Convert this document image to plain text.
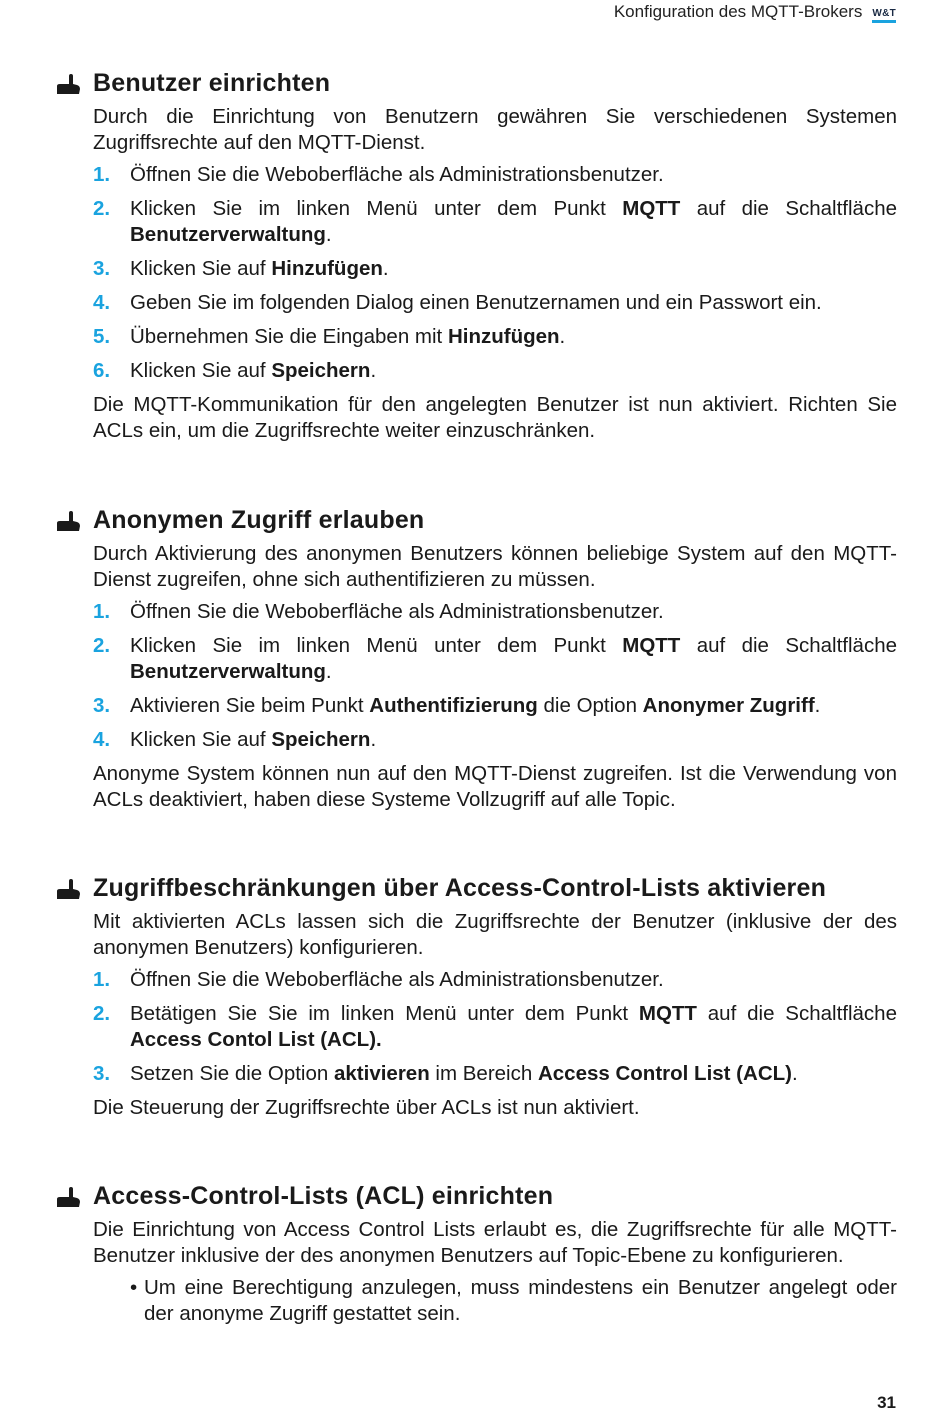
Konfiguration des MQTT-Brokers W&T
Benutzer einrichten

Durch die Einrichtung von Benutzern gewähren Sie verschiedenen Systemen Zugriffsrechte auf den MQTT-Dienst.

1. Öffnen Sie die Weboberfläche als Administrationsbenutzer.
2. Klicken Sie im linken Menü unter dem Punkt MQTT auf die Schaltfläche Benutzerverwaltung.
3. Klicken Sie auf Hinzufügen.
4. Geben Sie im folgenden Dialog einen Benutzernamen und ein Passwort ein.
5. Übernehmen Sie die Eingaben mit Hinzufügen.
6. Klicken Sie auf Speichern.

Die MQTT-Kommunikation für den angelegten Benutzer ist nun aktiviert. Richten Sie ACLs ein, um die Zugriffsrechte weiter einzuschränken.

Anonymen Zugriff erlauben

Durch Aktivierung des anonymen Benutzers können beliebige System auf den MQTT-Dienst zugreifen, ohne sich authentifizieren zu müssen.

1. Öffnen Sie die Weboberfläche als Administrationsbenutzer.
2. Klicken Sie im linken Menü unter dem Punkt MQTT auf die Schaltfläche Benutzerverwaltung.
3. Aktivieren Sie beim Punkt Authentifizierung die Option Anonymer Zugriff.
4. Klicken Sie auf Speichern.

Anonyme System können nun auf den MQTT-Dienst zugreifen. Ist die Verwendung von ACLs deaktiviert, haben diese Systeme Vollzugriff auf alle Topic.

Zugriffbeschränkungen über Access-Control-Lists aktivieren

Mit aktivierten ACLs lassen sich die Zugriffsrechte der Benutzer (inklusive der des anonymen Benutzers) konfigurieren.

1. Öffnen Sie die Weboberfläche als Administrationsbenutzer.
2. Betätigen Sie Sie im linken Menü unter dem Punkt MQTT auf die Schaltfläche Access Contol List (ACL).
3. Setzen Sie die Option aktivieren im Bereich Access Control List (ACL).

Die Steuerung der Zugriffsrechte über ACLs ist nun aktiviert.

Access-Control-Lists (ACL) einrichten

Die Einrichtung von Access Control Lists erlaubt es, die Zugriffsrechte für alle MQTT-Benutzer inklusive der des anonymen Benutzers auf Topic-Ebene zu konfigurieren.

• Um eine Berechtigung anzulegen, muss mindestens ein Benutzer angelegt oder der anonyme Zugriff gestattet sein.
31
